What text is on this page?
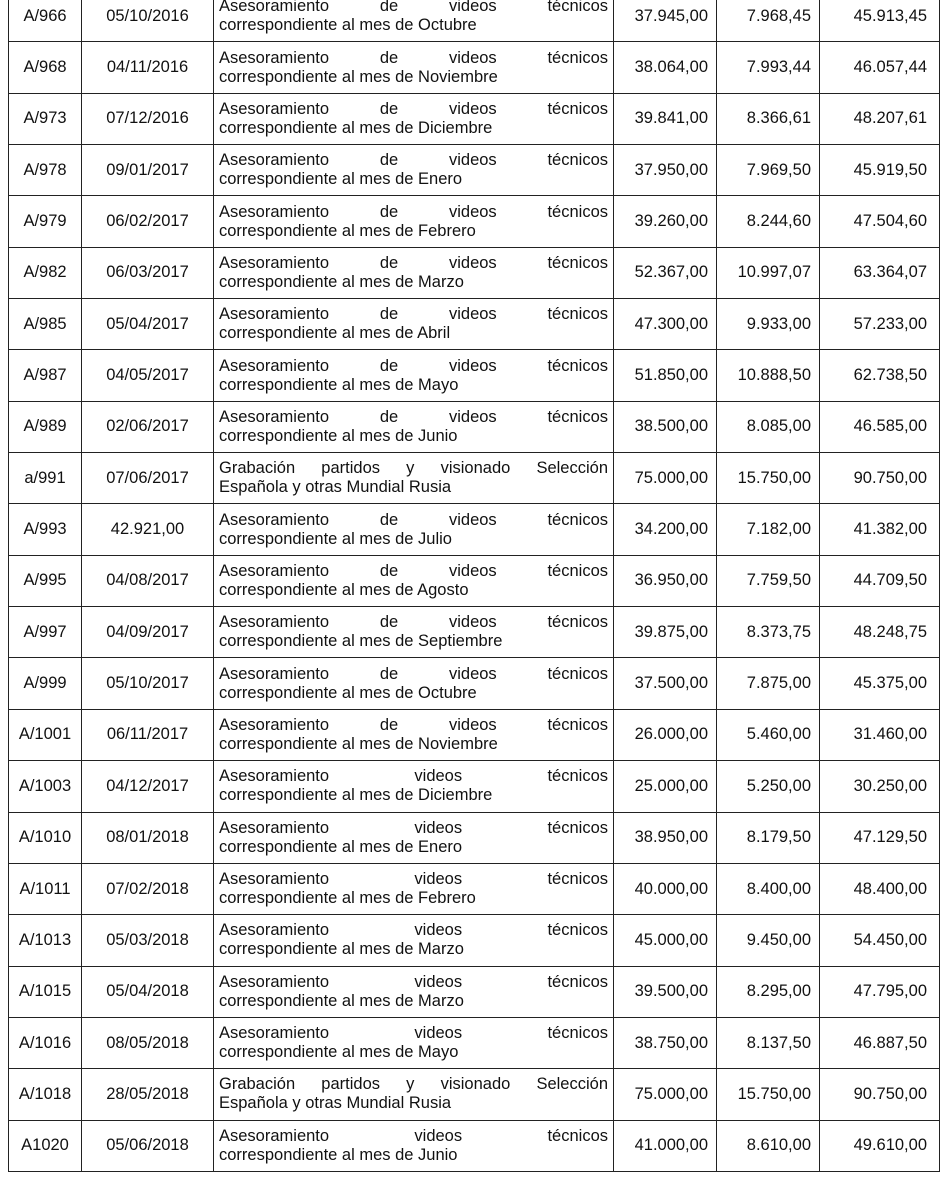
A/966	05/10/2016	Asesoramiento de videos técnicos
correspondiente al mes de Octubre	37.945,00	7.968,45	45.913,45
A/968	04/11/2016	Asesoramiento de videos técnicos
correspondiente al mes de Noviembre	38.064,00	7.993,44	46.057,44
A/973	07/12/2016	Asesoramiento de videos técnicos
correspondiente al mes de Diciembre	39.841,00	8.366,61	48.207,61
A/978	09/01/2017	Asesoramiento de videos técnicos
correspondiente al mes de Enero	37.950,00	7.969,50	45.919,50
A/979	06/02/2017	Asesoramiento de videos técnicos
correspondiente al mes de Febrero	39.260,00	8.244,60	47.504,60
A/982	06/03/2017	Asesoramiento de videos técnicos
correspondiente al mes de Marzo	52.367,00	10.997,07	63.364,07
A/985	05/04/2017	Asesoramiento de videos técnicos
correspondiente al mes de Abril	47.300,00	9.933,00	57.233,00
A/987	04/05/2017	Asesoramiento de videos técnicos
correspondiente al mes de Mayo	51.850,00	10.888,50	62.738,50
A/989	02/06/2017	Asesoramiento de videos técnicos
correspondiente al mes de Junio	38.500,00	8.085,00	46.585,00
a/991	07/06/2017	Grabación partidos y visionado Selección
Española y otras Mundial Rusia	75.000,00	15.750,00	90.750,00
A/993	42.921,00	Asesoramiento de videos técnicos
correspondiente al mes de Julio	34.200,00	7.182,00	41.382,00
A/995	04/08/2017	Asesoramiento de videos técnicos
correspondiente al mes de Agosto	36.950,00	7.759,50	44.709,50
A/997	04/09/2017	Asesoramiento de videos técnicos
correspondiente al mes de Septiembre	39.875,00	8.373,75	48.248,75
A/999	05/10/2017	Asesoramiento de videos técnicos
correspondiente al mes de Octubre	37.500,00	7.875,00	45.375,00
A/1001	06/11/2017	Asesoramiento de videos técnicos
correspondiente al mes de Noviembre	26.000,00	5.460,00	31.460,00
A/1003	04/12/2017	Asesoramiento videos técnicos
correspondiente al mes de Diciembre	25.000,00	5.250,00	30.250,00
A/1010	08/01/2018	Asesoramiento videos técnicos
correspondiente al mes de Enero	38.950,00	8.179,50	47.129,50
A/1011	07/02/2018	Asesoramiento videos técnicos
correspondiente al mes de Febrero	40.000,00	8.400,00	48.400,00
A/1013	05/03/2018	Asesoramiento videos técnicos
correspondiente al mes de Marzo	45.000,00	9.450,00	54.450,00
A/1015	05/04/2018	Asesoramiento videos técnicos
correspondiente al mes de Marzo	39.500,00	8.295,00	47.795,00
A/1016	08/05/2018	Asesoramiento videos técnicos
correspondiente al mes de Mayo	38.750,00	8.137,50	46.887,50
A/1018	28/05/2018	Grabación partidos y visionado Selección
Española y otras Mundial Rusia	75.000,00	15.750,00	90.750,00
A1020	05/06/2018	Asesoramiento videos técnicos
correspondiente al mes de Junio	41.000,00	8.610,00	49.610,00
